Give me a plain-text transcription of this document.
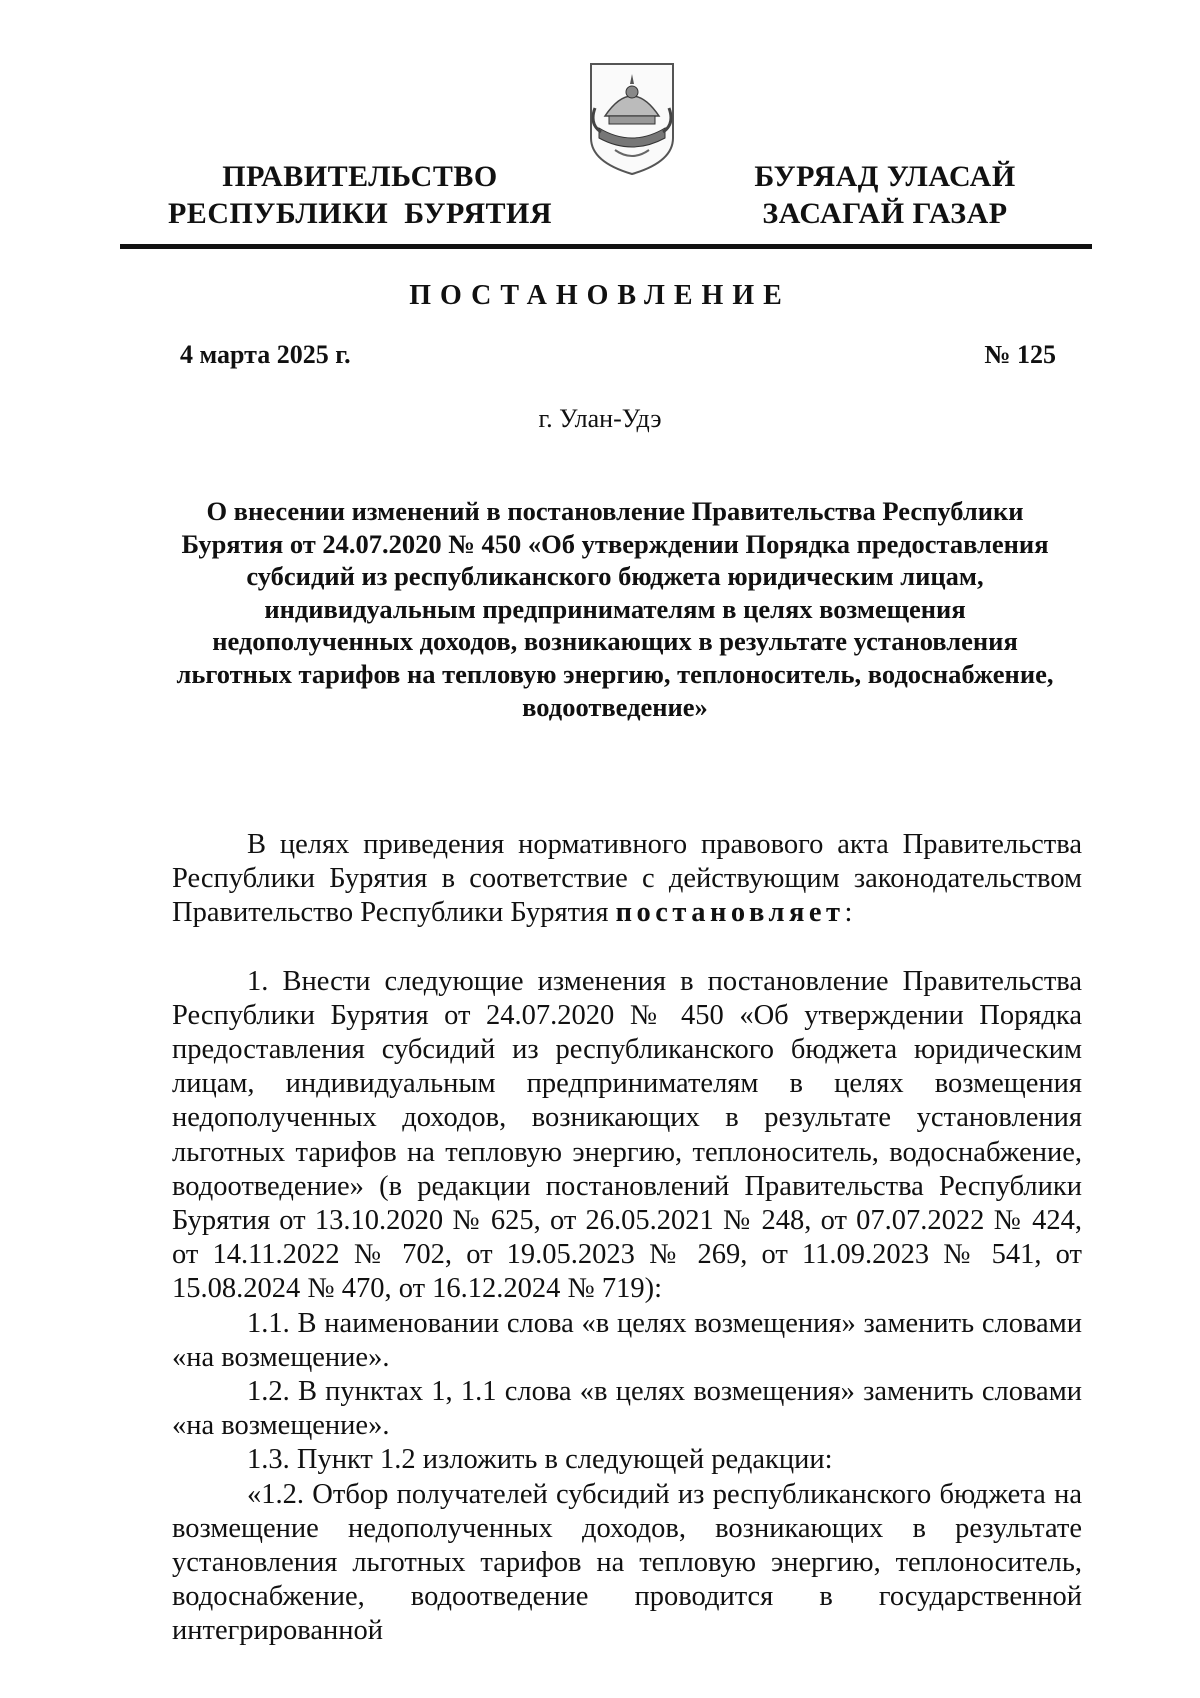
ПРАВИТЕЛЬСТВО
РЕСПУБЛИКИ  БУРЯТИЯ
БУРЯАД УЛАСАЙ
ЗАСАГАЙ ГАЗАР
ПОСТАНОВЛЕНИЕ
4 марта 2025 г.	№ 125
г. Улан-Удэ
О внесении изменений в постановление Правительства Республики Бурятия от 24.07.2020 № 450 «Об утверждении Порядка предоставления субсидий из республиканского бюджета юридическим лицам, индивидуальным предпринимателям в целях возмещения недополученных доходов, возникающих в результате установления льготных тарифов на тепловую энергию, теплоноситель, водоснабжение, водоотведение»

В целях приведения нормативного правового акта Правительства Республики Бурятия в соответствие с действующим законодательством Правительство Республики Бурятия постановляет:

1. Внести следующие изменения в постановление Правительства Республики Бурятия от 24.07.2020 № 450 «Об утверждении Порядка предоставления субсидий из республиканского бюджета юридическим лицам, индивидуальным предпринимателям в целях возмещения недополученных доходов, возникающих в результате установления льготных тарифов на тепловую энергию, теплоноситель, водоснабжение, водоотведение» (в редакции постановлений Правительства Республики Бурятия от 13.10.2020 № 625, от 26.05.2021 № 248, от 07.07.2022 № 424, от 14.11.2022 № 702, от 19.05.2023 № 269, от 11.09.2023 № 541, от 15.08.2024 № 470, от 16.12.2024 № 719):

1.1. В наименовании слова «в целях возмещения» заменить словами «на возмещение».

1.2. В пунктах 1, 1.1 слова «в целях возмещения» заменить словами «на возмещение».

1.3. Пункт 1.2 изложить в следующей редакции:

«1.2. Отбор получателей субсидий из республиканского бюджета на возмещение недополученных доходов, возникающих в результате установления льготных тарифов на тепловую энергию, теплоноситель, водоснабжение, водоотведение проводится в государственной интегрированной
